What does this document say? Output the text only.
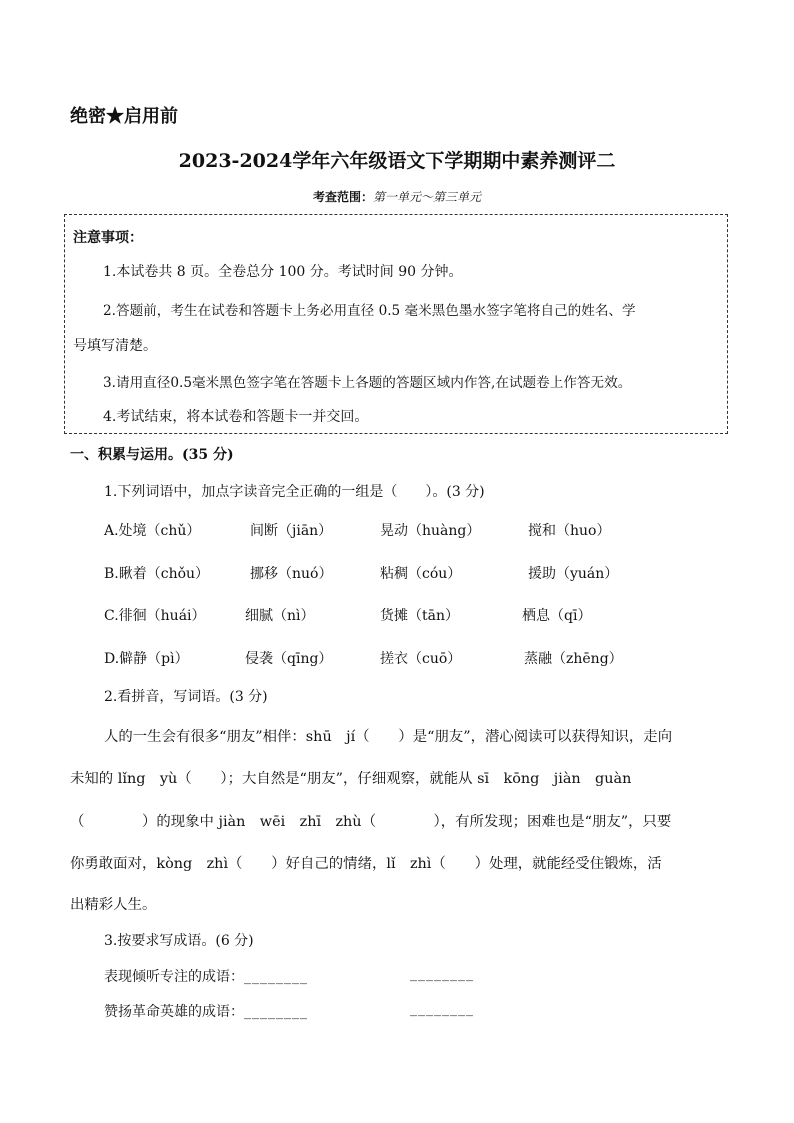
绝密★启用前
2023-2024学年六年级语文下学期期中素养测评二
考查范围：第一单元～第三单元
注意事项：
1.本试卷共 8 页。全卷总分 100 分。考试时间 90 分钟。
2.答题前，考生在试卷和答题卡上务必用直径 0.5 毫米黑色墨水签字笔将自己的姓名、学
号填写清楚。
3.请用直径0.5毫米黑色签字笔在答题卡上各题的答题区域内作答,在试题卷上作答无效。
4.考试结束，将本试卷和答题卡一并交回。
一、积累与运用。(35 分)
1.下列词语中，加点字读音完全正确的一组是（　　）。(3 分)
A.处境（chǔ）	间断（jiān）	晃动（huàng）	搅和（huo）
B.瞅着（chǒu）	挪移（nuó）	粘稠（cóu）	援助（yuán）
C.徘徊（huái）	细腻（nì）	货摊（tān）	栖息（qī）
D.僻静（pì）	侵袭（qīng）	搓衣（cuō）	蒸融（zhēng）
2.看拼音，写词语。(3 分)
人的一生会有很多“朋友”相伴：shū　jí（　　）是“朋友”，潜心阅读可以获得知识，走向
未知的 lǐng　yù（　　）；大自然是“朋友”，仔细观察，就能从 sī　kōng　jiàn　guàn
（　　　　）的现象中 jiàn　wēi　zhī　zhù（　　　　），有所发现；困难也是“朋友”，只要
你勇敢面对，kòng　zhì（　　）好自己的情绪，lǐ　zhì（　　）处理，就能经受住锻炼，活
出精彩人生。
3.按要求写成语。(6 分)
表现倾听专注的成语：________	________
赞扬革命英雄的成语：________	________
